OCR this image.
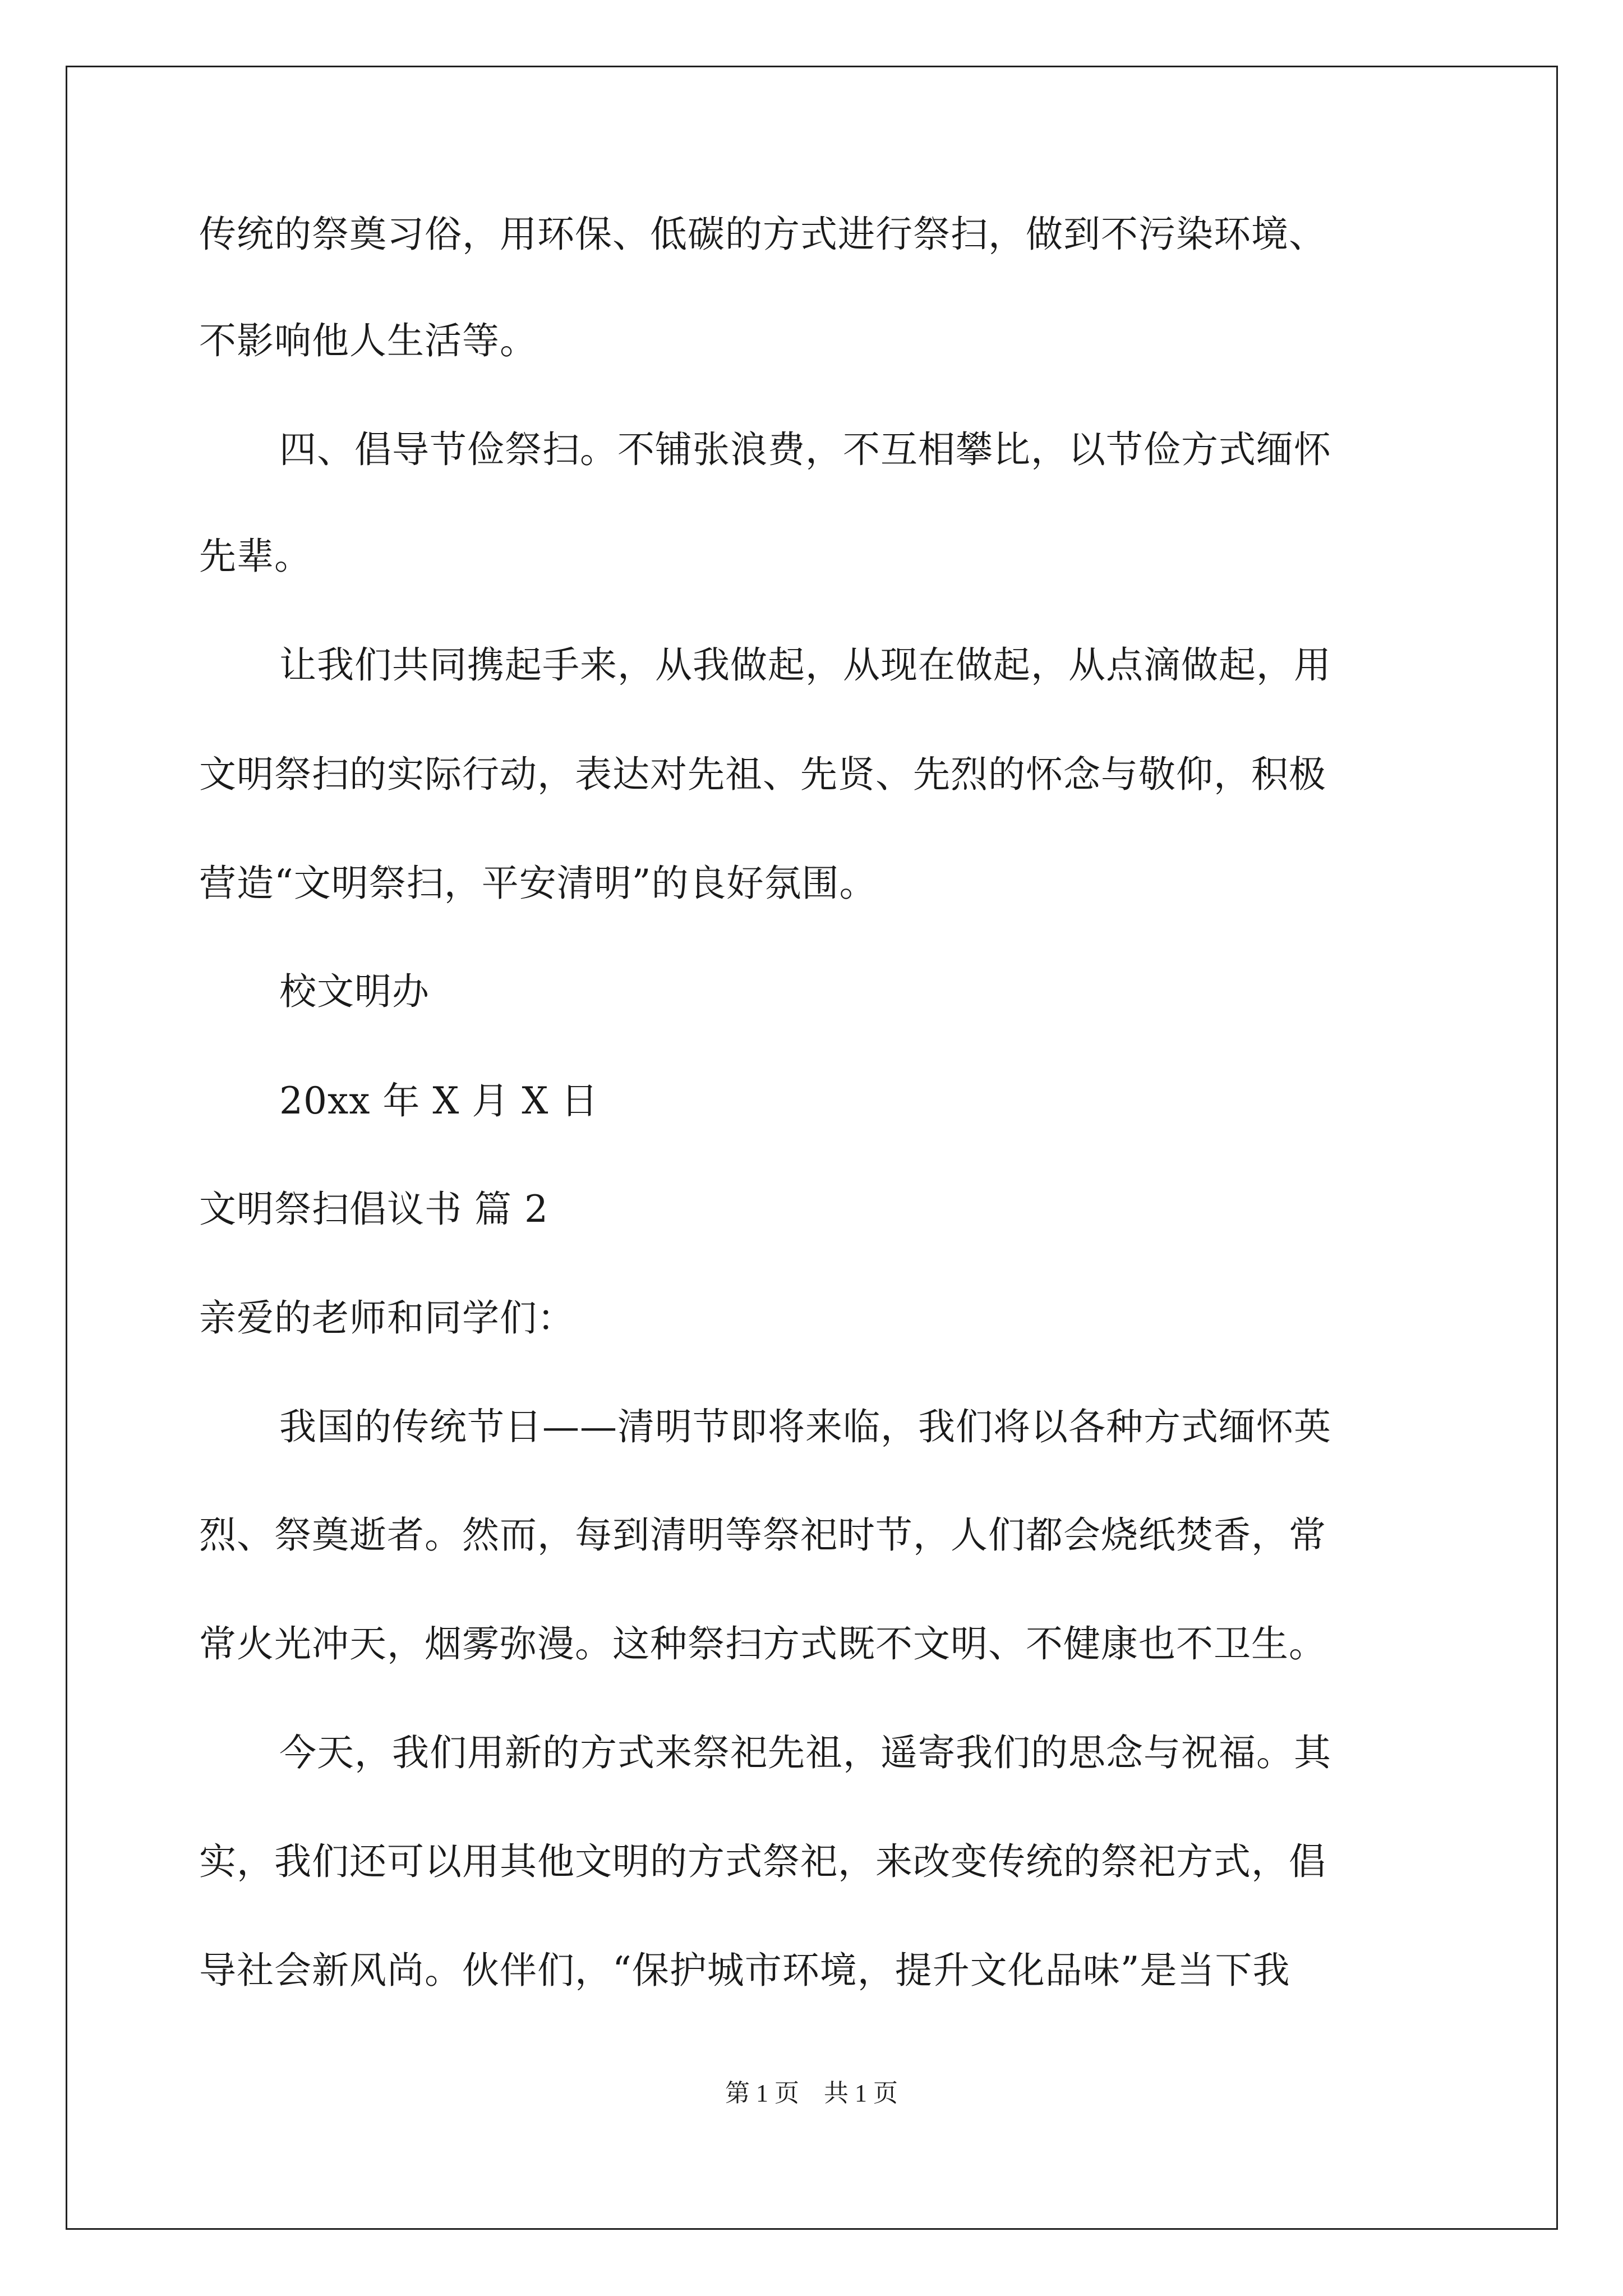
传统的祭奠习俗，用环保、低碳的方式进行祭扫，做到不污染环境、
不影响他人生活等。
四、倡导节俭祭扫。不铺张浪费，不互相攀比，以节俭方式缅怀
先辈。
让我们共同携起手来，从我做起，从现在做起，从点滴做起，用
文明祭扫的实际行动，表达对先祖、先贤、先烈的怀念与敬仰，积极
营造“文明祭扫，平安清明”的良好氛围。
校文明办
20xx 年 X 月 X 日
文明祭扫倡议书 篇 2
亲爱的老师和同学们：
我国的传统节日——清明节即将来临，我们将以各种方式缅怀英
烈、祭奠逝者。然而，每到清明等祭祀时节，人们都会烧纸焚香，常
常火光冲天，烟雾弥漫。这种祭扫方式既不文明、不健康也不卫生。
今天，我们用新的方式来祭祀先祖，遥寄我们的思念与祝福。其
实，我们还可以用其他文明的方式祭祀，来改变传统的祭祀方式，倡
导社会新风尚。伙伴们，“保护城市环境，提升文化品味”是当下我
第 1 页 共 1 页
